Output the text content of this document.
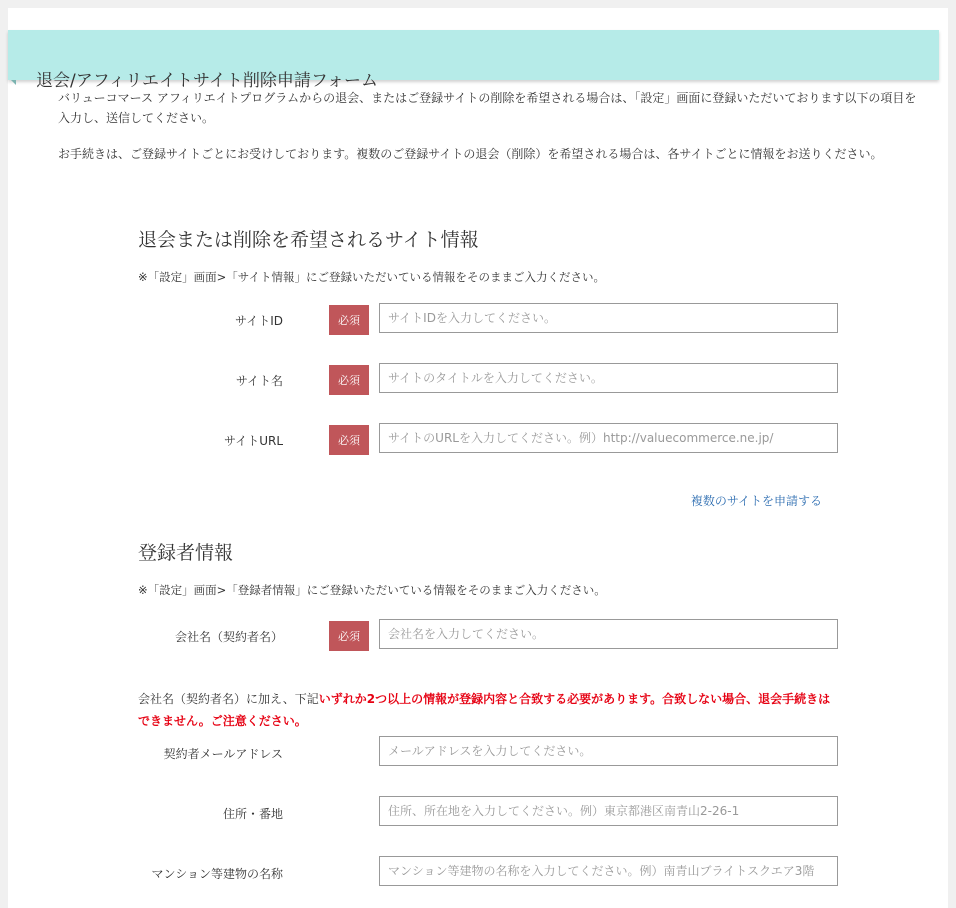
退会/アフィリエイトサイト削除申請フォーム

バリューコマース アフィリエイトプログラムからの退会、またはご登録サイトの削除を希望される場合は、「設定」画面に登録いただいております以下の項目を入力し、送信してください。

お手続きは、ご登録サイトごとにお受けしております。複数のご登録サイトの退会（削除）を希望される場合は、各サイトごとに情報をお送りください。

退会または削除を希望されるサイト情報

※「設定」画面>「サイト情報」にご登録いただいている情報をそのままご入力ください。

サイトID	必須
サイトIDを入力してください。
サイト名	必須
サイトのタイトルを入力してください。
サイトURL	必須
サイトのURLを入力してください。例）http://valuecommerce.ne.jp/
複数のサイトを申請する
登録者情報

※「設定」画面>「登録者情報」にご登録いただいている情報をそのままご入力ください。

会社名（契約者名）	必須
会社名を入力してください。

会社名（契約者名）に加え、下記いずれか2つ以上の情報が登録内容と合致する必要があります。合致しない場合、退会手続きはできません。ご注意ください。

契約者メールアドレス
メールアドレスを入力してください。
住所・番地
住所、所在地を入力してください。例）東京都港区南青山2-26-1
マンション等建物の名称
マンション等建物の名称を入力してください。例）南青山ブライトスクエア3階
